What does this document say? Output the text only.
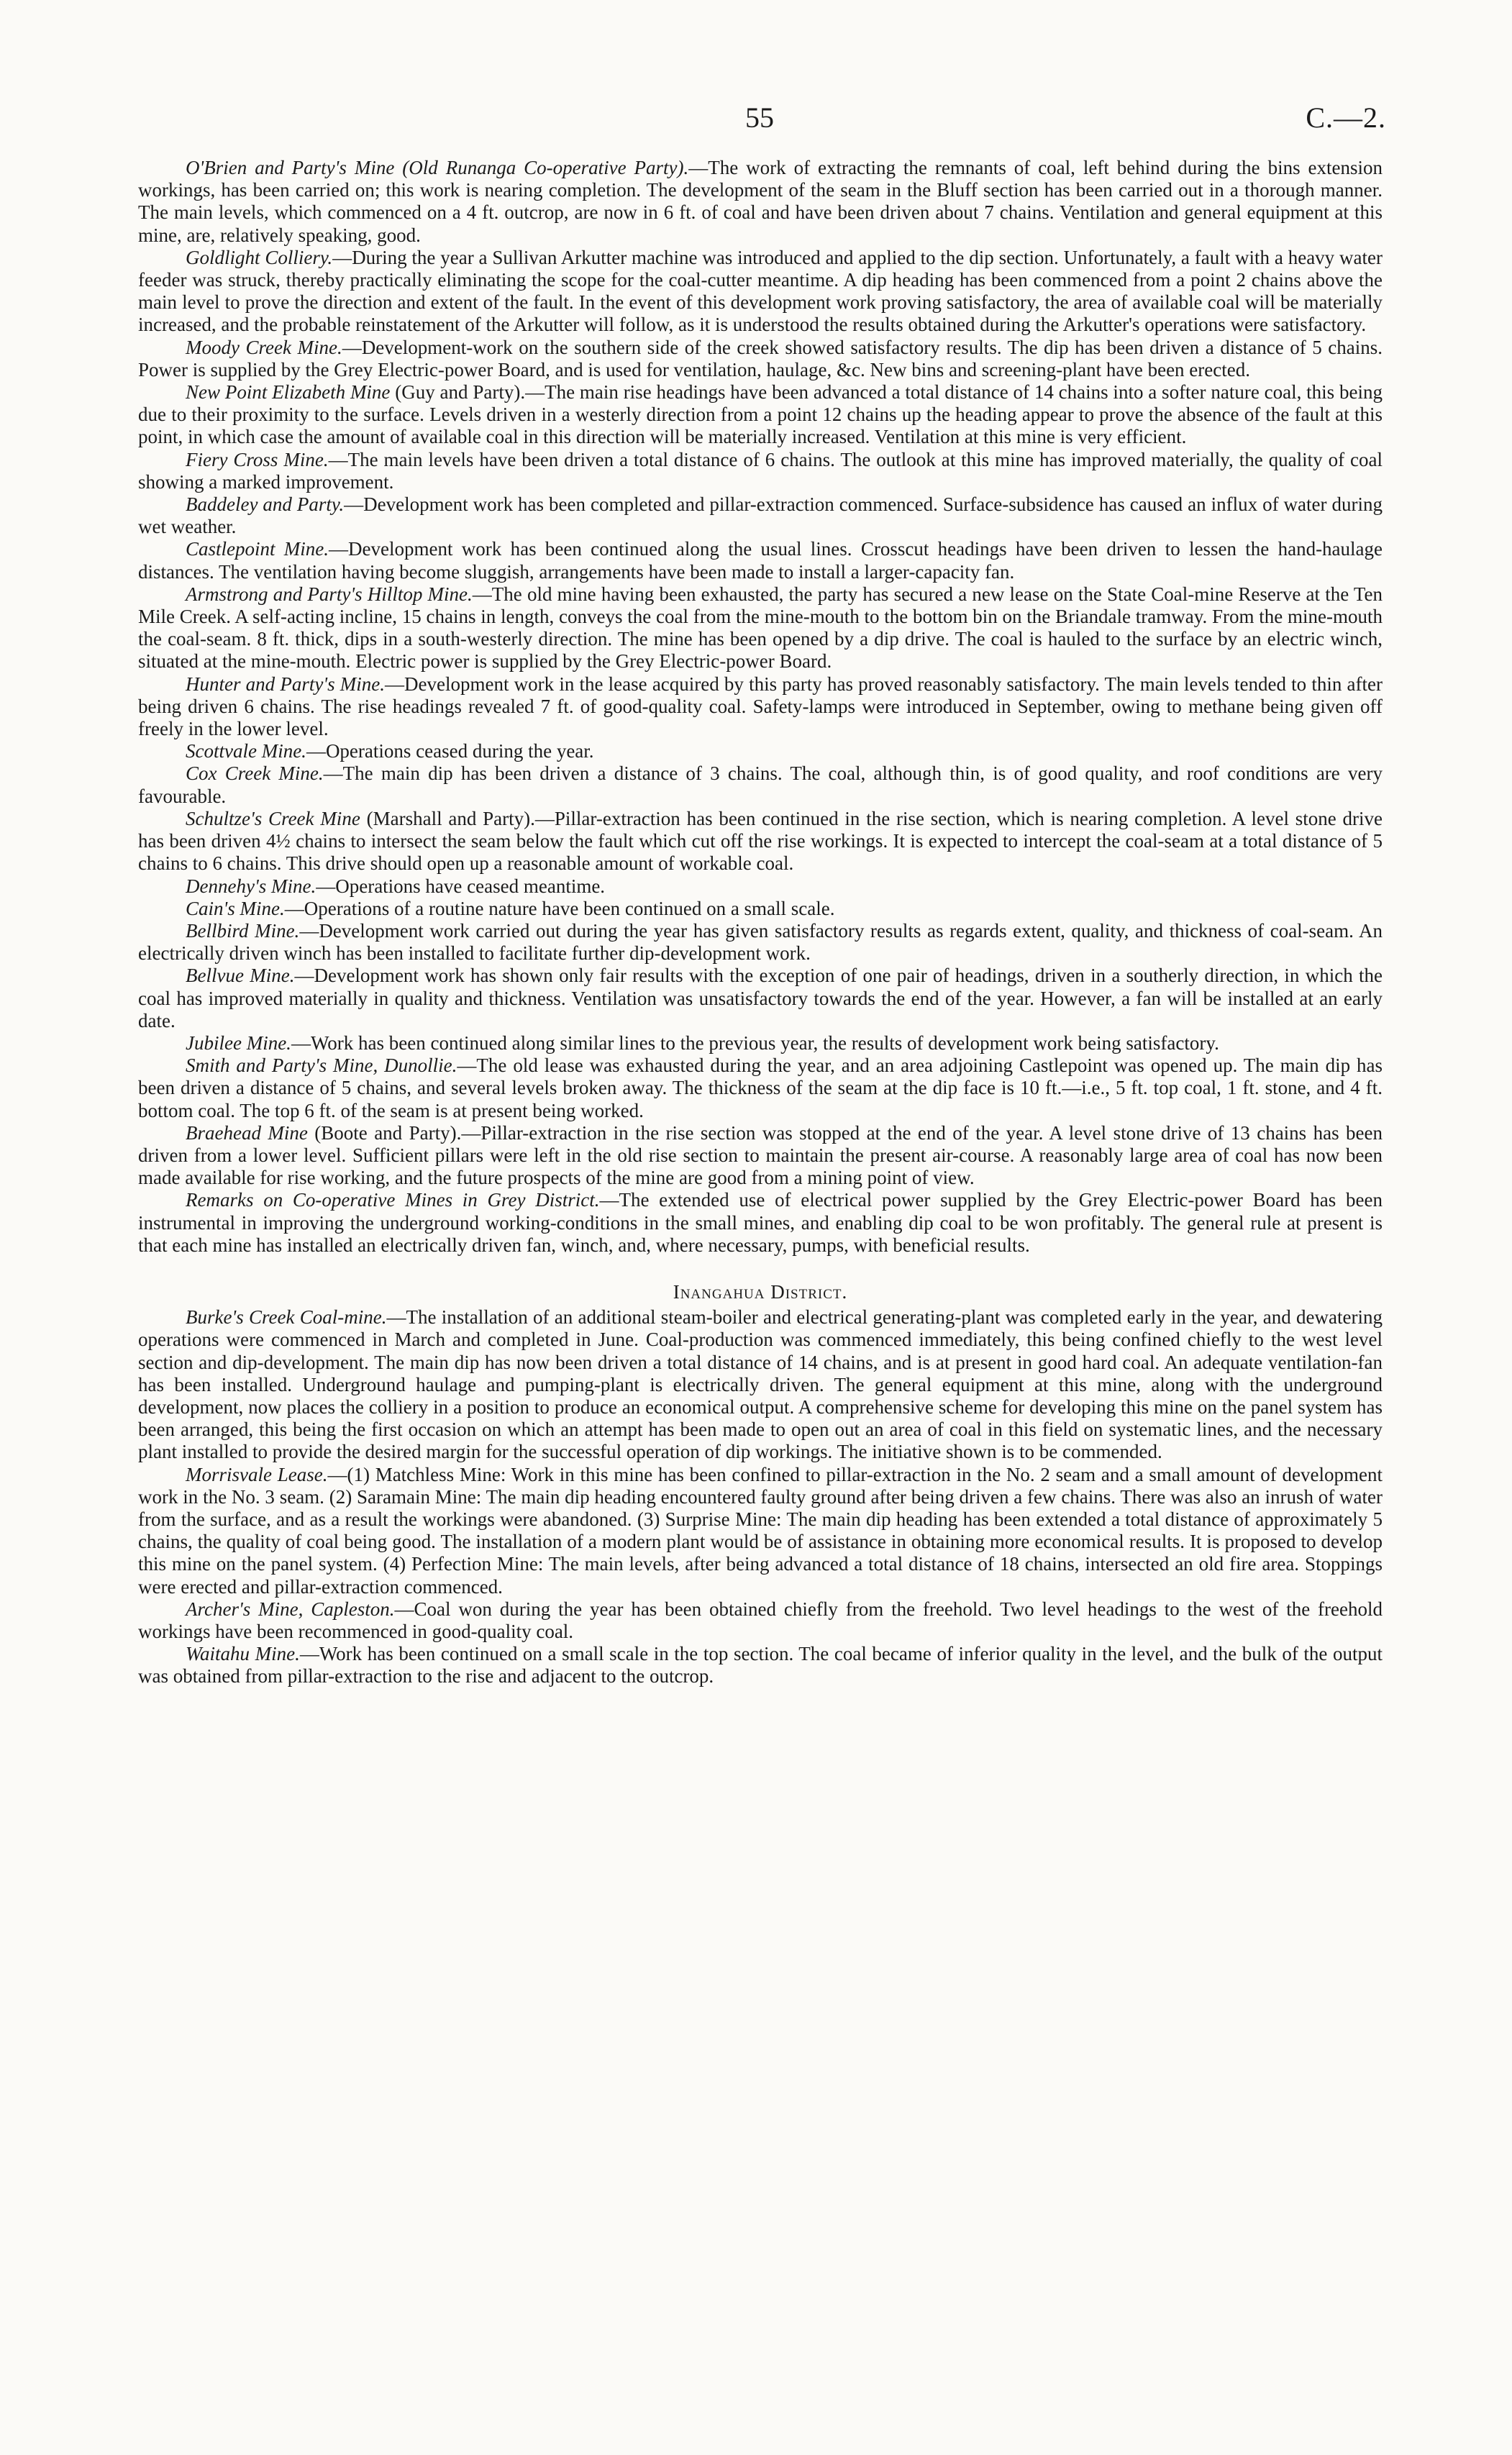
55	C.—2.

O'Brien and Party's Mine (Old Runanga Co-operative Party).—The work of extracting the remnants of coal, left behind during the bins extension workings, has been carried on; this work is nearing completion. The development of the seam in the Bluff section has been carried out in a thorough manner. The main levels, which commenced on a 4 ft. outcrop, are now in 6 ft. of coal and have been driven about 7 chains. Ventilation and general equipment at this mine, are, relatively speaking, good.

Goldlight Colliery.—During the year a Sullivan Arkutter machine was introduced and applied to the dip section. Unfortunately, a fault with a heavy water feeder was struck, thereby practically eliminating the scope for the coal-cutter meantime. A dip heading has been commenced from a point 2 chains above the main level to prove the direction and extent of the fault. In the event of this development work proving satisfactory, the area of available coal will be materially increased, and the probable reinstatement of the Arkutter will follow, as it is understood the results obtained during the Arkutter's operations were satisfactory.

Moody Creek Mine.—Development-work on the southern side of the creek showed satisfactory results. The dip has been driven a distance of 5 chains. Power is supplied by the Grey Electric-power Board, and is used for ventilation, haulage, &c. New bins and screening-plant have been erected.

New Point Elizabeth Mine (Guy and Party).—The main rise headings have been advanced a total distance of 14 chains into a softer nature coal, this being due to their proximity to the surface. Levels driven in a westerly direction from a point 12 chains up the heading appear to prove the absence of the fault at this point, in which case the amount of available coal in this direction will be materially increased. Ventilation at this mine is very efficient.

Fiery Cross Mine.—The main levels have been driven a total distance of 6 chains. The outlook at this mine has improved materially, the quality of coal showing a marked improvement.

Baddeley and Party.—Development work has been completed and pillar-extraction commenced. Surface-subsidence has caused an influx of water during wet weather.

Castlepoint Mine.—Development work has been continued along the usual lines. Crosscut headings have been driven to lessen the hand-haulage distances. The ventilation having become sluggish, arrangements have been made to install a larger-capacity fan.

Armstrong and Party's Hilltop Mine.—The old mine having been exhausted, the party has secured a new lease on the State Coal-mine Reserve at the Ten Mile Creek. A self-acting incline, 15 chains in length, conveys the coal from the mine-mouth to the bottom bin on the Briandale tramway. From the mine-mouth the coal-seam. 8 ft. thick, dips in a south-westerly direction. The mine has been opened by a dip drive. The coal is hauled to the surface by an electric winch, situated at the mine-mouth. Electric power is supplied by the Grey Electric-power Board.

Hunter and Party's Mine.—Development work in the lease acquired by this party has proved reasonably satisfactory. The main levels tended to thin after being driven 6 chains. The rise headings revealed 7 ft. of good-quality coal. Safety-lamps were introduced in September, owing to methane being given off freely in the lower level.

Scottvale Mine.—Operations ceased during the year.

Cox Creek Mine.—The main dip has been driven a distance of 3 chains. The coal, although thin, is of good quality, and roof conditions are very favourable.

Schultze's Creek Mine (Marshall and Party).—Pillar-extraction has been continued in the rise section, which is nearing completion. A level stone drive has been driven 4½ chains to intersect the seam below the fault which cut off the rise workings. It is expected to intercept the coal-seam at a total distance of 5 chains to 6 chains. This drive should open up a reasonable amount of workable coal.

Dennehy's Mine.—Operations have ceased meantime.

Cain's Mine.—Operations of a routine nature have been continued on a small scale.

Bellbird Mine.—Development work carried out during the year has given satisfactory results as regards extent, quality, and thickness of coal-seam. An electrically driven winch has been installed to facilitate further dip-development work.

Bellvue Mine.—Development work has shown only fair results with the exception of one pair of headings, driven in a southerly direction, in which the coal has improved materially in quality and thickness. Ventilation was unsatisfactory towards the end of the year. However, a fan will be installed at an early date.

Jubilee Mine.—Work has been continued along similar lines to the previous year, the results of development work being satisfactory.

Smith and Party's Mine, Dunollie.—The old lease was exhausted during the year, and an area adjoining Castlepoint was opened up. The main dip has been driven a distance of 5 chains, and several levels broken away. The thickness of the seam at the dip face is 10 ft.—i.e., 5 ft. top coal, 1 ft. stone, and 4 ft. bottom coal. The top 6 ft. of the seam is at present being worked.

Braehead Mine (Boote and Party).—Pillar-extraction in the rise section was stopped at the end of the year. A level stone drive of 13 chains has been driven from a lower level. Sufficient pillars were left in the old rise section to maintain the present air-course. A reasonably large area of coal has now been made available for rise working, and the future prospects of the mine are good from a mining point of view.

Remarks on Co-operative Mines in Grey District.—The extended use of electrical power supplied by the Grey Electric-power Board has been instrumental in improving the underground working-conditions in the small mines, and enabling dip coal to be won profitably. The general rule at present is that each mine has installed an electrically driven fan, winch, and, where necessary, pumps, with beneficial results.

Inangahua District.

Burke's Creek Coal-mine.—The installation of an additional steam-boiler and electrical generating-plant was completed early in the year, and dewatering operations were commenced in March and completed in June. Coal-production was commenced immediately, this being confined chiefly to the west level section and dip-development. The main dip has now been driven a total distance of 14 chains, and is at present in good hard coal. An adequate ventilation-fan has been installed. Underground haulage and pumping-plant is electrically driven. The general equipment at this mine, along with the underground development, now places the colliery in a position to produce an economical output. A comprehensive scheme for developing this mine on the panel system has been arranged, this being the first occasion on which an attempt has been made to open out an area of coal in this field on systematic lines, and the necessary plant installed to provide the desired margin for the successful operation of dip workings. The initiative shown is to be commended.

Morrisvale Lease.—(1) Matchless Mine: Work in this mine has been confined to pillar-extraction in the No. 2 seam and a small amount of development work in the No. 3 seam. (2) Saramain Mine: The main dip heading encountered faulty ground after being driven a few chains. There was also an inrush of water from the surface, and as a result the workings were abandoned. (3) Surprise Mine: The main dip heading has been extended a total distance of approximately 5 chains, the quality of coal being good. The installation of a modern plant would be of assistance in obtaining more economical results. It is proposed to develop this mine on the panel system. (4) Perfection Mine: The main levels, after being advanced a total distance of 18 chains, intersected an old fire area. Stoppings were erected and pillar-extraction commenced.

Archer's Mine, Capleston.—Coal won during the year has been obtained chiefly from the freehold. Two level headings to the west of the freehold workings have been recommenced in good-quality coal.

Waitahu Mine.—Work has been continued on a small scale in the top section. The coal became of inferior quality in the level, and the bulk of the output was obtained from pillar-extraction to the rise and adjacent to the outcrop.
